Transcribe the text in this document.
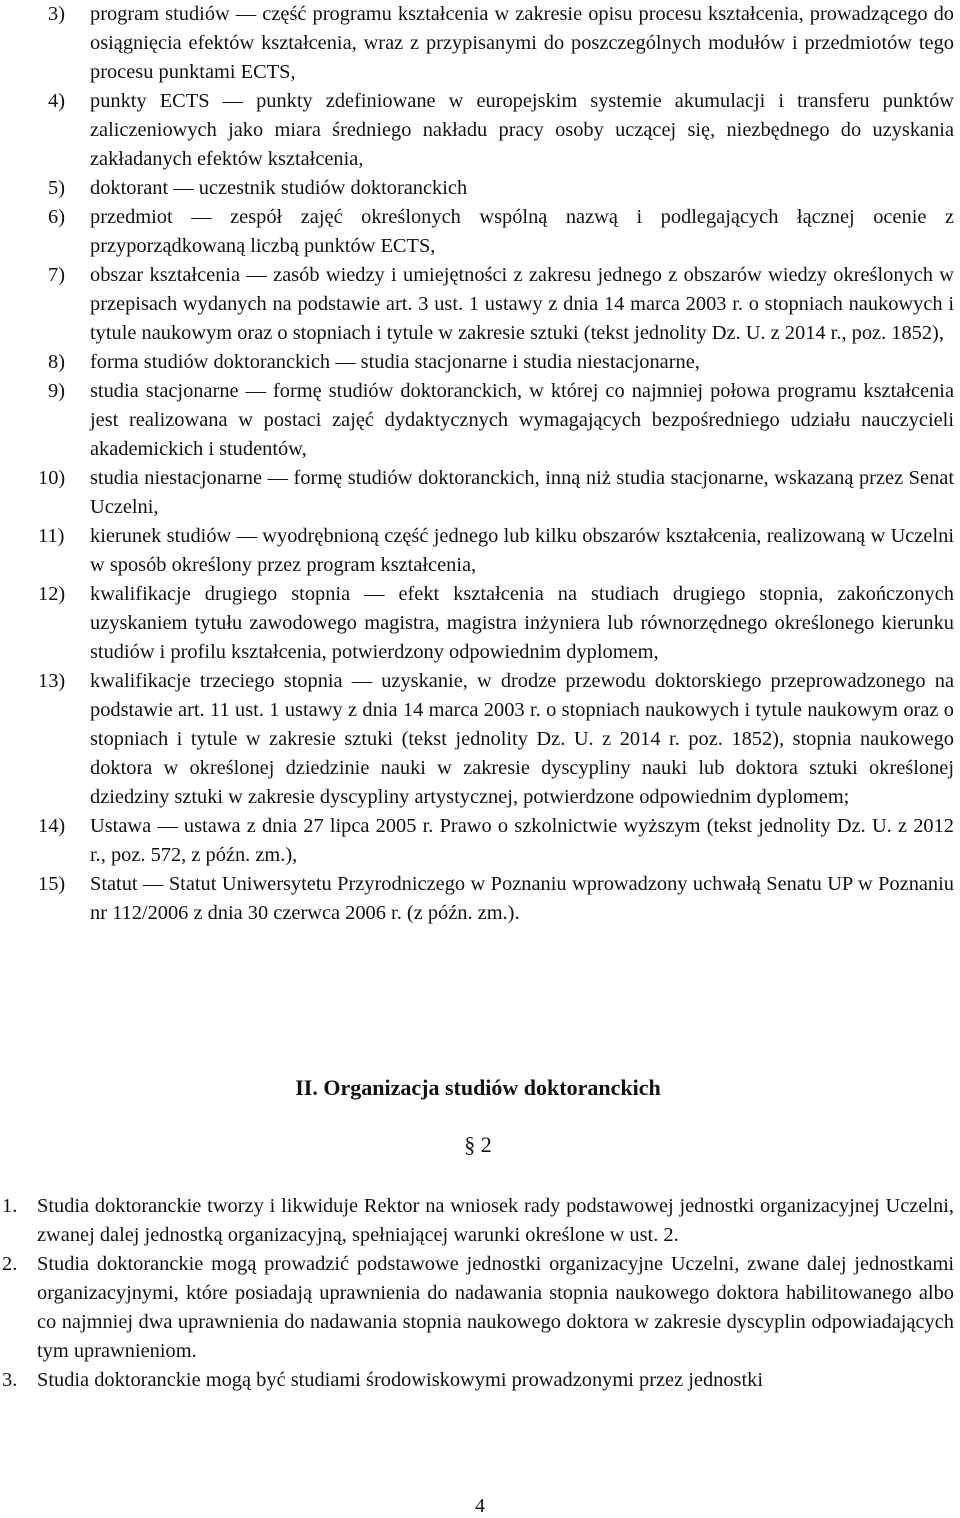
3)	program studiów — część programu kształcenia w zakresie opisu procesu kształcenia, prowadzącego do osiągnięcia efektów kształcenia, wraz z przypisanymi do poszczególnych modułów i przedmiotów tego procesu punktami ECTS,
4)	punkty ECTS — punkty zdefiniowane w europejskim systemie akumulacji i transferu punktów zaliczeniowych jako miara średniego nakładu pracy osoby uczącej się, niezbędnego do uzyskania zakładanych efektów kształcenia,
5)	doktorant — uczestnik studiów doktoranckich
6)	przedmiot — zespół zajęć określonych wspólną nazwą i podlegających łącznej ocenie z przyporządkowaną liczbą punktów ECTS,
7)	obszar kształcenia — zasób wiedzy i umiejętności z zakresu jednego z obszarów wiedzy określonych w przepisach wydanych na podstawie art. 3 ust. 1 ustawy z dnia 14 marca 2003 r. o stopniach naukowych i tytule naukowym oraz o stopniach i tytule w zakresie sztuki (tekst jednolity Dz. U. z 2014 r., poz. 1852),
8)	forma studiów doktoranckich — studia stacjonarne i studia niestacjonarne,
9)	studia stacjonarne — formę studiów doktoranckich, w której co najmniej połowa programu kształcenia jest realizowana w postaci zajęć dydaktycznych wymagających bezpośredniego udziału nauczycieli akademickich i studentów,
10)	studia niestacjonarne — formę studiów doktoranckich, inną niż studia stacjonarne, wskazaną przez Senat Uczelni,
11)	kierunek studiów — wyodrębnioną część jednego lub kilku obszarów kształcenia, realizowaną w Uczelni w sposób określony przez program kształcenia,
12)	kwalifikacje drugiego stopnia — efekt kształcenia na studiach drugiego stopnia, zakończonych uzyskaniem tytułu zawodowego magistra, magistra inżyniera lub równorzędnego określonego kierunku studiów i profilu kształcenia, potwierdzony odpowiednim dyplomem,
13)	kwalifikacje trzeciego stopnia — uzyskanie, w drodze przewodu doktorskiego przeprowadzonego na podstawie art. 11 ust. 1 ustawy z dnia 14 marca 2003 r. o stopniach naukowych i tytule naukowym oraz o stopniach i tytule w zakresie sztuki (tekst jednolity Dz. U. z 2014 r. poz. 1852), stopnia naukowego doktora w określonej dziedzinie nauki w zakresie dyscypliny nauki lub doktora sztuki określonej dziedziny sztuki w zakresie dyscypliny artystycznej, potwierdzone odpowiednim dyplomem;
14)	Ustawa — ustawa z dnia 27 lipca 2005 r. Prawo o szkolnictwie wyższym (tekst jednolity Dz. U. z 2012 r., poz. 572, z późn. zm.),
15)	Statut — Statut Uniwersytetu Przyrodniczego w Poznaniu wprowadzony uchwałą Senatu UP w Poznaniu nr 112/2006 z dnia 30 czerwca 2006 r. (z późn. zm.).
II. Organizacja studiów doktoranckich
§ 2
1. Studia doktoranckie tworzy i likwiduje Rektor na wniosek rady podstawowej jednostki organizacyjnej Uczelni, zwanej dalej jednostką organizacyjną, spełniającej warunki określone w ust. 2.
2. Studia doktoranckie mogą prowadzić podstawowe jednostki organizacyjne Uczelni, zwane dalej jednostkami organizacyjnymi, które posiadają uprawnienia do nadawania stopnia naukowego doktora habilitowanego albo co najmniej dwa uprawnienia do nadawania stopnia naukowego doktora w zakresie dyscyplin odpowiadających tym uprawnieniom.
3. Studia doktoranckie mogą być studiami środowiskowymi prowadzonymi przez jednostki
4
